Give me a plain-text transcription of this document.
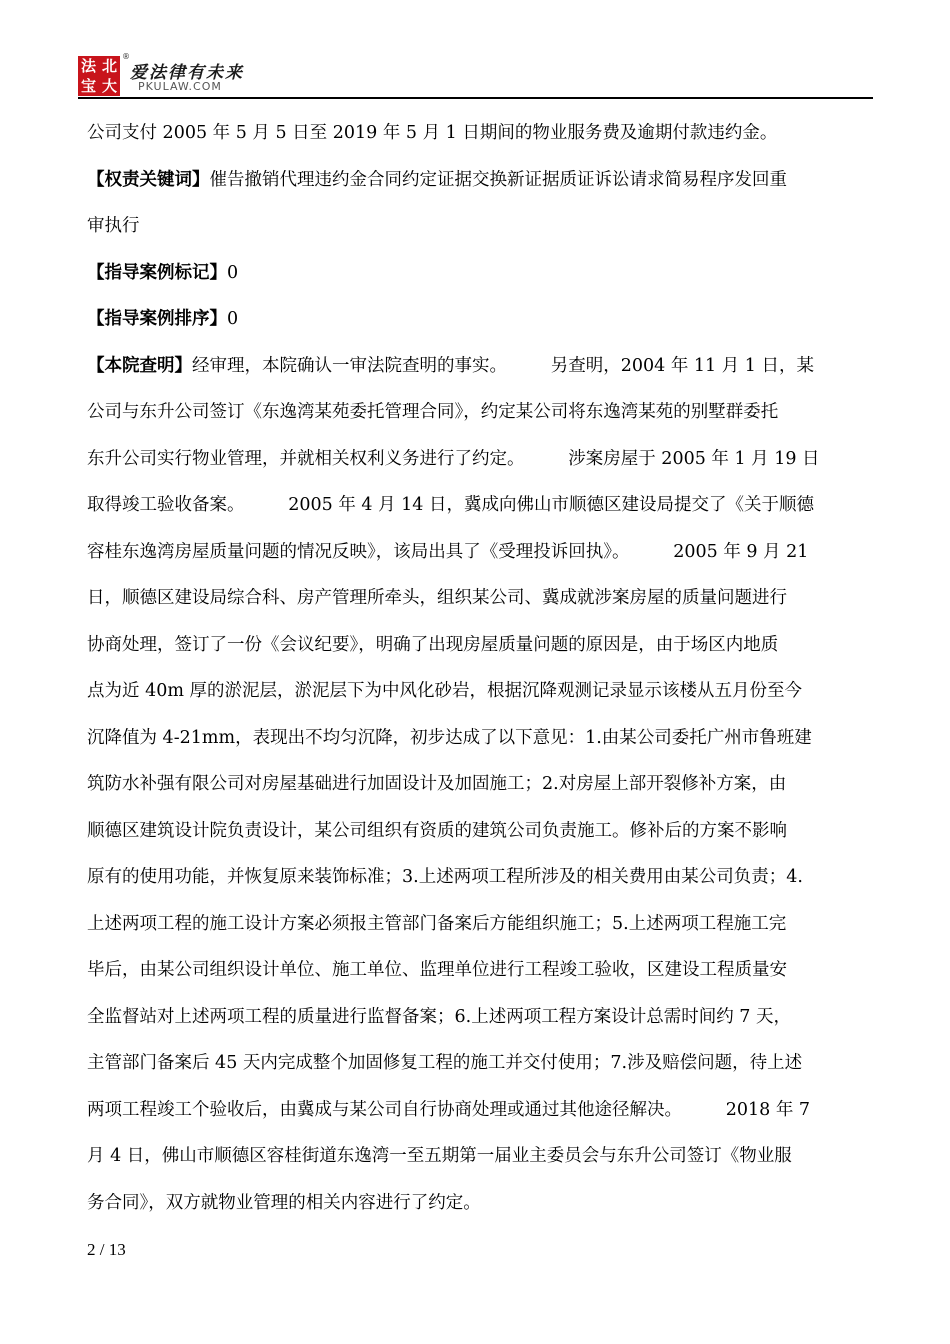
法 北
宝 大
®
爱法律有未来
PKULAW.COM

公司支付 2005 年 5 月 5 日至 2019 年 5 月 1 日期间的物业服务费及逾期付款违约金。

【权责关键词】催告撤销代理违约金合同约定证据交换新证据质证诉讼请求简易程序发回重
审执行

【指导案例标记】0

【指导案例排序】0

【本院查明】经审理，本院确认一审法院查明的事实。　　　另查明，2004 年 11 月 1 日，某
公司与东升公司签订《东逸湾某苑委托管理合同》，约定某公司将东逸湾某苑的别墅群委托
东升公司实行物业管理，并就相关权利义务进行了约定。　　　涉案房屋于 2005 年 1 月 19 日
取得竣工验收备案。　　　2005 年 4 月 14 日，冀成向佛山市顺德区建设局提交了《关于顺德
容桂东逸湾房屋质量问题的情况反映》，该局出具了《受理投诉回执》。　　　2005 年 9 月 21
日，顺德区建设局综合科、房产管理所牵头，组织某公司、冀成就涉案房屋的质量问题进行
协商处理，签订了一份《会议纪要》，明确了出现房屋质量问题的原因是，由于场区内地质
点为近 40m 厚的淤泥层，淤泥层下为中风化砂岩，根据沉降观测记录显示该楼从五月份至今
沉降值为 4-21mm，表现出不均匀沉降，初步达成了以下意见：1.由某公司委托广州市鲁班建
筑防水补强有限公司对房屋基础进行加固设计及加固施工；2.对房屋上部开裂修补方案，由
顺德区建筑设计院负责设计，某公司组织有资质的建筑公司负责施工。修补后的方案不影响
原有的使用功能，并恢复原来装饰标准；3.上述两项工程所涉及的相关费用由某公司负责；4.
上述两项工程的施工设计方案必须报主管部门备案后方能组织施工；5.上述两项工程施工完
毕后，由某公司组织设计单位、施工单位、监理单位进行工程竣工验收，区建设工程质量安
全监督站对上述两项工程的质量进行监督备案；6.上述两项工程方案设计总需时间约 7 天，
主管部门备案后 45 天内完成整个加固修复工程的施工并交付使用；7.涉及赔偿问题，待上述
两项工程竣工个验收后，由冀成与某公司自行协商处理或通过其他途径解决。　　　2018 年 7
月 4 日，佛山市顺德区容桂街道东逸湾一至五期第一届业主委员会与东升公司签订《物业服
务合同》，双方就物业管理的相关内容进行了约定。

2 / 13
